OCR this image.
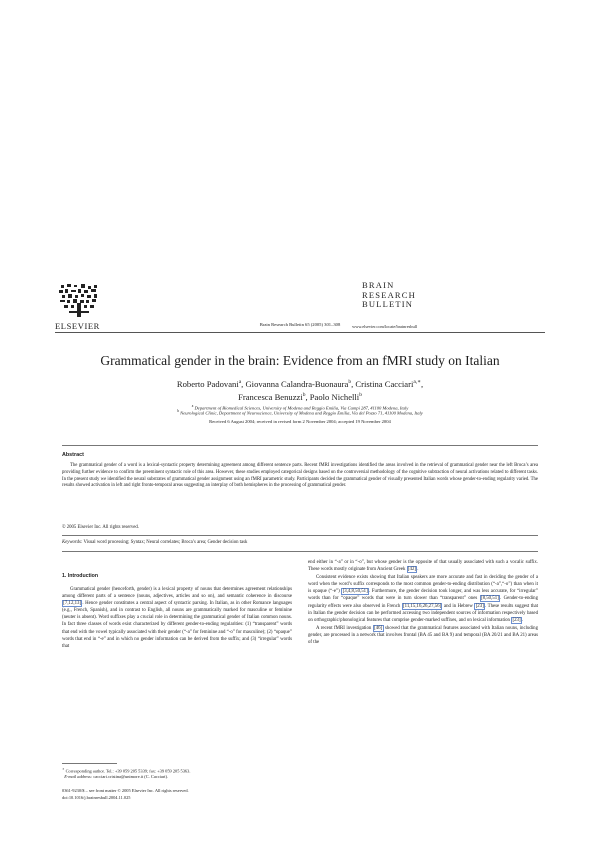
ELSEVIER	Brain Research Bulletin 65 (2005) 301–308
BRAIN
RESEARCH
BULLETIN
www.elsevier.com/locate/brainresbull
Grammatical gender in the brain: Evidence from an fMRI study on Italian
Roberto Padovani$^a$, Giovanna Calandra-Buonaura$^b$, Cristina Cacciari$^{a,∗}$,
Francesca Benuzzi$^b$, Paolo Nichelli$^b$
$^a$ Department of Biomedical Sciences, University of Modena and Reggio Emilia, Via Campi 287, 41100 Modena, Italy
$^b$ Neurological Clinic, Department of Neuroscience, University of Modena and Reggio Emilia, Via del Pozzo 71, 41100 Modena, Italy
Received 6 August 2004; received in revised form 2 November 2004; accepted 19 November 2004
Abstract

The grammatical gender of a word is a lexical-syntactic property determining agreement among different sentence parts. Recent fMRI investigations identified the areas involved in the retrieval of grammatical gender near the left Broca’s area providing further evidence to confirm the preeminent syntactic role of this area. However, these studies employed categorical designs based on the controversial methodology of the cognitive subtraction of neural activations related to different tasks. In the present study we identified the neural substrates of grammatical gender assignment using an fMRI parametric study. Participants decided the grammatical gender of visually presented Italian words whose gender-to-ending regularity varied. The results showed activation in left and right fronto-temporal areas suggesting an interplay of both hemispheres in the processing of grammatical gender.

© 2005 Elsevier Inc. All rights reserved.
Keywords: Visual word processing; Syntax; Neural correlates; Broca’s area; Gender decision task
1. Introduction

Grammatical gender (henceforth, gender) is a lexical property of nouns that determines agreement relationships among different parts of a sentence (nouns, adjectives, articles and so on), and semantic coherence in discourse [7,12,13]. Hence gender constitutes a central aspect of syntactic parsing. In Italian, as in other Romance languages (e.g., French, Spanish), and in contrast to English, all nouns are grammatically marked for masculine or feminine (neuter is absent). Word suffixes play a crucial role in determining the grammatical gender of Italian common nouns. In fact three classes of words exist characterized by different gender-to-ending regularities: (1) “transparent” words that end with the vowel typically associated with their gender (“-a” for feminine and “-o” for masculine); (2) “opaque” words that end in “-e” and in which no gender information can be derived from the suffix; and (3) “irregular” words that

end either in “-a” or in “-o”, but whose gender is the opposite of that usually associated with such a vocalic suffix. These words mostly originate from Ancient Greek [42].

Consistent evidence exists showing that Italian speakers are more accurate and fast in deciding the gender of a word when the word’s suffix corresponds to the most common gender-to-ending distribution (“-a”,“-o”) than when it is opaque (“-e”) [3,4,8,50,51]. Furthermore, the gender decision took longer, and was less accurate, for “irregular” words than for “opaque” words that were in turn slower than “transparent” ones [8,50,51]. Gender-to-ending regularity effects were also observed in French [11,15,16,26,27,56] and in Hebrew [23]. These results suggest that in Italian the gender decision can be performed accessing two independent sources of information respectively based on orthographic/phonological features that comprise gender-marked suffixes, and on lexical information [23].

A recent fMRI investigation [46] showed that the grammatical features associated with Italian nouns, including gender, are processed in a network that involves frontal (BA 45 and BA 9) and temporal (BA 20/21 and BA 21) areas of the

∗ Corresponding author. Tel.: +39 059 205 5339; fax: +39 059 205 5363.
E-mail address: cacciari.cristina@unimore.it (C. Cacciari).
0361-9230/$ – see front matter © 2005 Elsevier Inc. All rights reserved.
doi:10.1016/j.brainresbull.2004.11.025
